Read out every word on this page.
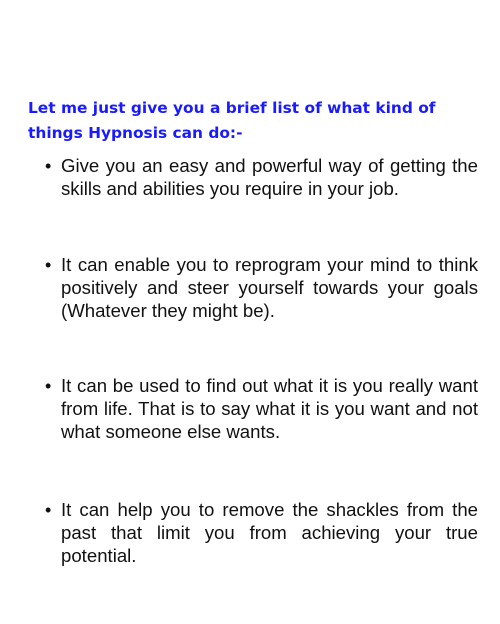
Let me just give you a brief list of what kind of things Hypnosis can do:-

• Give you an easy and powerful way of getting the skills and abilities you require in your job.
• It can enable you to reprogram your mind to think positively and steer yourself towards your goals (Whatever they might be).
• It can be used to find out what it is you really want from life. That is to say what it is you want and not what someone else wants.
• It can help you to remove the shackles from the past that limit you from achieving your true potential.
